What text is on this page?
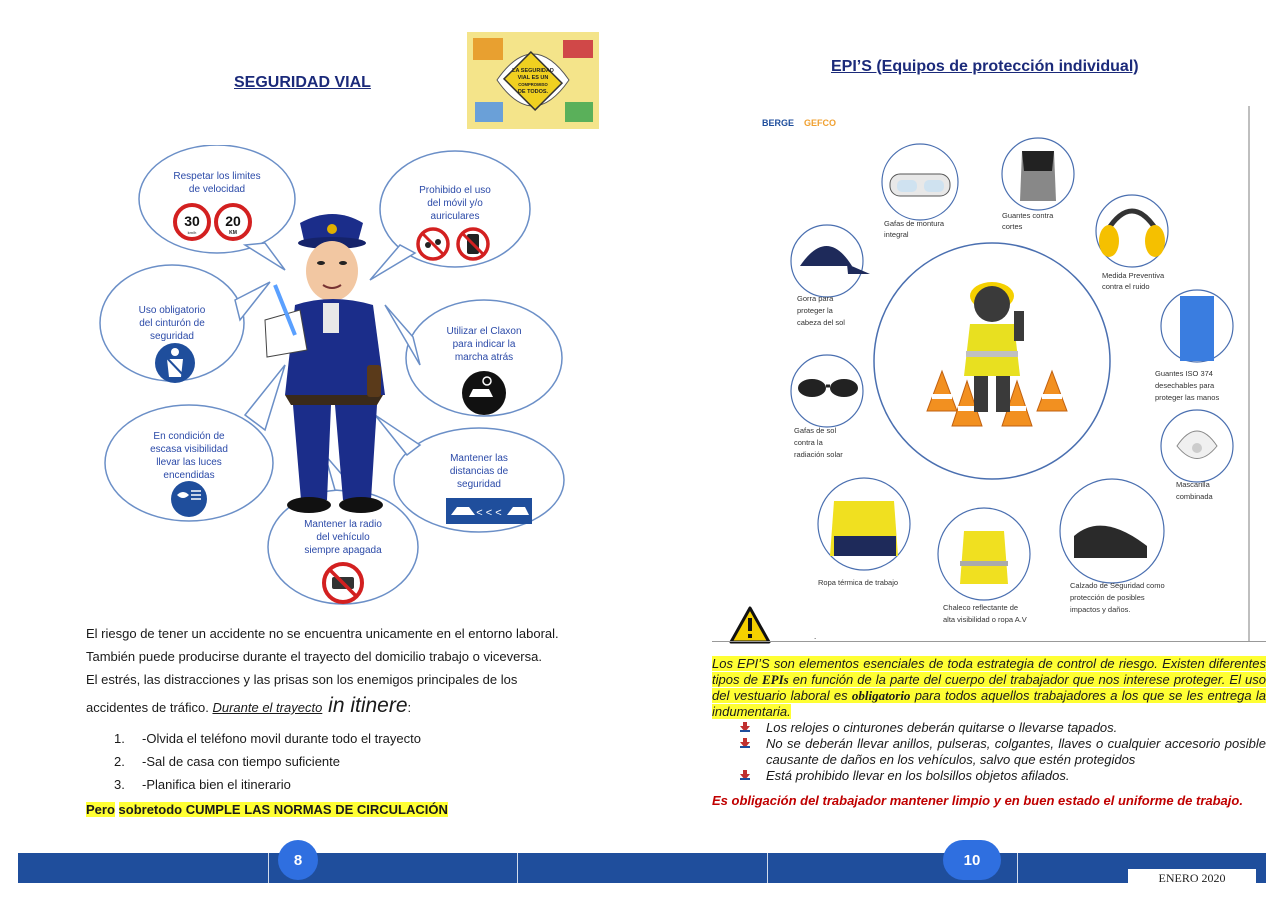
SEGURIDAD VIAL
LA SEGURIDAD
VIAL ES UN
COMPROMISO
DE TODOS.
Respetar los limites
de velocidad	Prohibido el uso
del móvil y/o
auriculares
Uso obligatorio
del cinturón de
seguridad	Utilizar el Claxon
para indicar la
marcha atrás
En condición de
escasa visibilidad
llevar las luces
encendidas
Mantener las
distancias de
seguridad
Mantener la radio
del vehículo
siempre apagada
30
km/h
20
KM
< < <
El riesgo de tener un accidente no se encuentra unicamente en el entorno laboral.
También puede producirse durante el trayecto del domicilio trabajo o viceversa.
El estrés, las distracciones y las prisas son los enemigos principales de los
accidentes de tráfico. Durante el trayecto in itinere:
1.	-Olvida el teléfono movil durante todo el trayecto
2.	-Sal de casa con tiempo suficiente
3.	-Planifica bien el itinerario
Pero sobretodo CUMPLE LAS NORMAS DE CIRCULACIÓN
EPI’S (Equipos de protección individual)
BERGE GEFCO
Gafas de montura
integral
Guantes contra
cortes
Medida Preventiva
contra el ruido
Gorra para
proteger la
cabeza del sol
Guantes ISO 374
desechables para
proteger las manos
Gafas de sol
contra la
radiación solar
Mascarilla
combinada
Ropa térmica de trabajo
Chaleco reflectante de
alta visibilidad o ropa A.V
Calzado de Seguridad como
protección de posibles
impactos y daños.
.
Los EPI’S son elementos esenciales de toda estrategia de control de riesgo. Existen diferentes tipos de EPIs en función de la parte del cuerpo del trabajador que nos interese proteger. El uso del vestuario laboral es obligatorio para todos aquellos trabajadores a los que se les entrega la indumentaria.
Los relojes o cinturones deberán quitarse o llevarse tapados.
No se deberán llevar anillos, pulseras, colgantes, llaves o cualquier accesorio posible causante de daños en los vehículos, salvo que estén protegidos
Está prohibido llevar en los bolsillos objetos afilados.
Es obligación del trabajador mantener limpio y en buen estado el uniforme de trabajo.
8	10
ENERO 2020
